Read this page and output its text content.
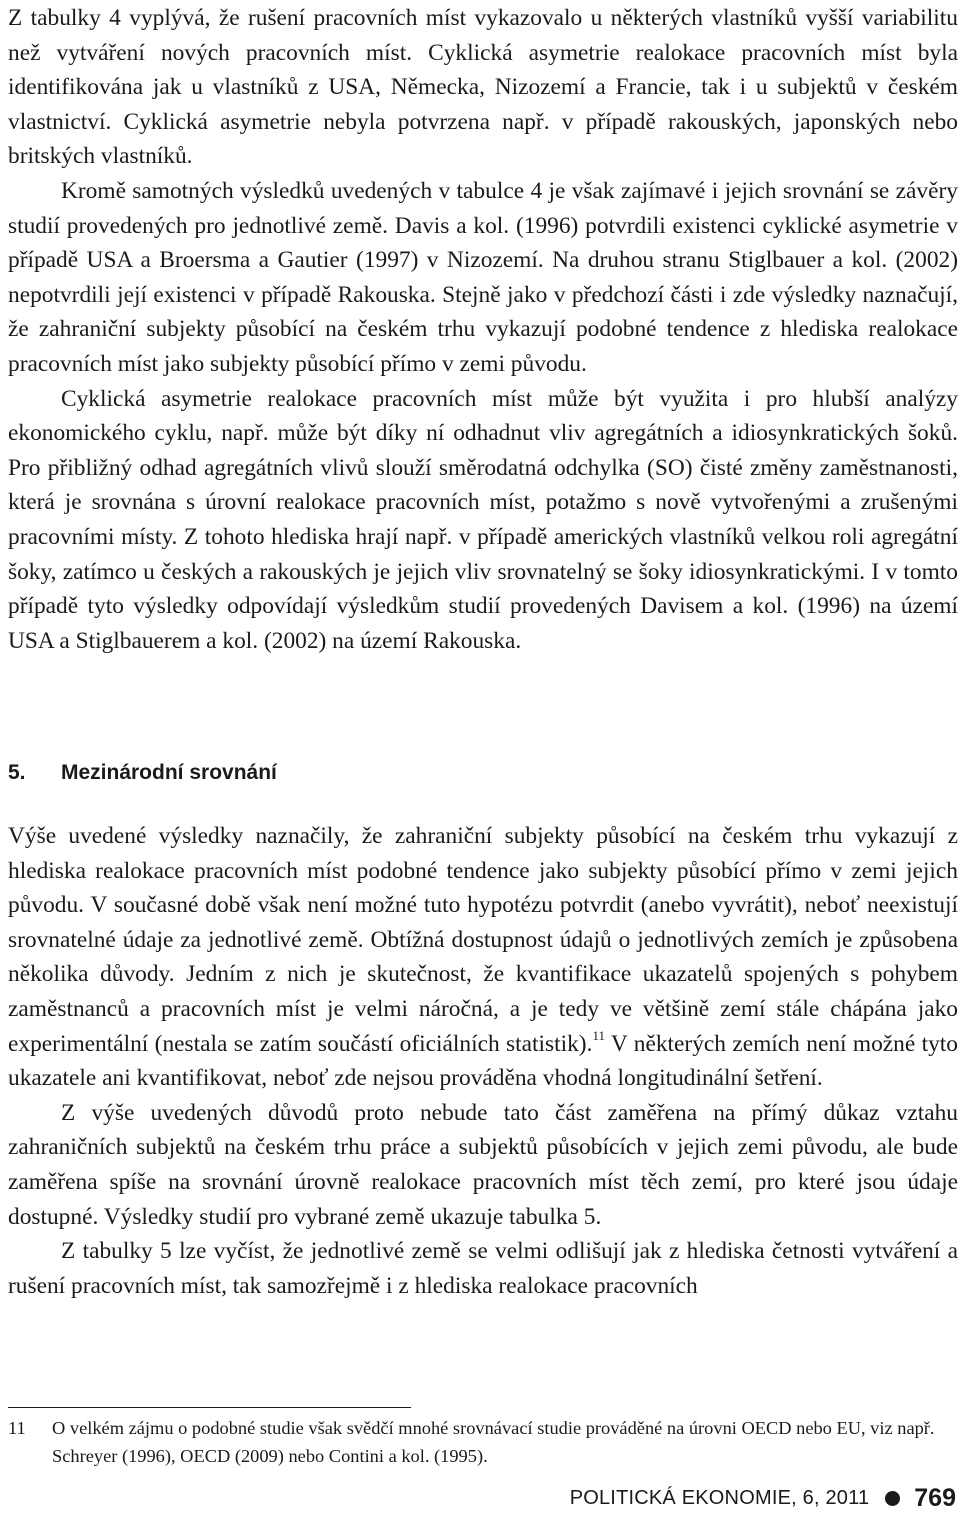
Z tabulky 4 vyplývá, že rušení pracovních míst vykazovalo u některých vlastníků vyšší variabilitu než vytváření nových pracovních míst. Cyklická asymetrie realokace pracovních míst byla identifikována jak u vlastníků z USA, Německa, Nizozemí a Francie, tak i u subjektů v českém vlastnictví. Cyklická asymetrie nebyla potvrzena např. v případě rakouských, japonských nebo britských vlastníků.

Kromě samotných výsledků uvedených v tabulce 4 je však zajímavé i jejich srovnání se závěry studií provedených pro jednotlivé země. Davis a kol. (1996) potvrdili existenci cyklické asymetrie v případě USA a Broersma a Gautier (1997) v Nizozemí. Na druhou stranu Stiglbauer a kol. (2002) nepotvrdili její existenci v případě Rakouska. Stejně jako v předchozí části i zde výsledky naznačují, že zahraniční subjekty působící na českém trhu vykazují podobné tendence z hlediska realokace pracovních míst jako subjekty působící přímo v zemi původu.

Cyklická asymetrie realokace pracovních míst může být využita i pro hlubší analýzy ekonomického cyklu, např. může být díky ní odhadnut vliv agregátních a idiosynkratických šoků. Pro přibližný odhad agregátních vlivů slouží směrodatná odchylka (SO) čisté změny zaměstnanosti, která je srovnána s úrovní realokace pracovních míst, potažmo s nově vytvořenými a zrušenými pracovními místy. Z tohoto hlediska hrají např. v případě amerických vlastníků velkou roli agregátní šoky, zatímco u českých a rakouských je jejich vliv srovnatelný se šoky idiosynkratickými. I v tomto případě tyto výsledky odpovídají výsledkům studií provedených Davisem a kol. (1996) na území USA a Stiglbauerem a kol. (2002) na území Rakouska.

5. Mezinárodní srovnání

Výše uvedené výsledky naznačily, že zahraniční subjekty působící na českém trhu vykazují z hlediska realokace pracovních míst podobné tendence jako subjekty působící přímo v zemi jejich původu. V současné době však není možné tuto hypotézu potvrdit (anebo vyvrátit), neboť neexistují srovnatelné údaje za jednotlivé země. Obtížná dostupnost údajů o jednotlivých zemích je způsobena několika důvody. Jedním z nich je skutečnost, že kvantifikace ukazatelů spojených s pohybem zaměstnanců a pracovních míst je velmi náročná, a je tedy ve většině zemí stále chápána jako experimentální (nestala se zatím součástí oficiálních statistik).$^{11}$ V některých zemích není možné tyto ukazatele ani kvantifikovat, neboť zde nejsou prováděna vhodná longitudinální šetření.

Z výše uvedených důvodů proto nebude tato část zaměřena na přímý důkaz vztahu zahraničních subjektů na českém trhu práce a subjektů působících v jejich zemi původu, ale bude zaměřena spíše na srovnání úrovně realokace pracovních míst těch zemí, pro které jsou údaje dostupné. Výsledky studií pro vybrané země ukazuje tabulka 5.

Z tabulky 5 lze vyčíst, že jednotlivé země se velmi odlišují jak z hlediska četnosti vytváření a rušení pracovních míst, tak samozřejmě i z hlediska realokace pracovních

11 O velkém zájmu o podobné studie však svědčí mnohé srovnávací studie prováděné na úrovni OECD nebo EU, viz např. Schreyer (1996), OECD (2009) nebo Contini a kol. (1995).

POLITICKÁ EKONOMIE, 6, 2011 769
